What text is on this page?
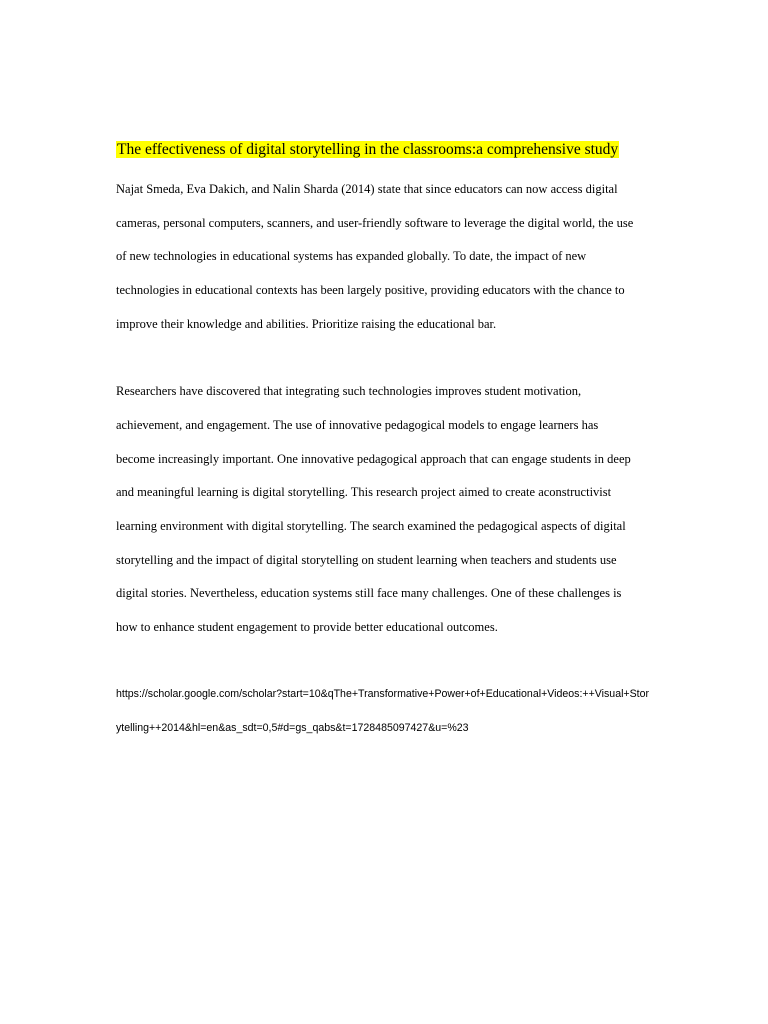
The effectiveness of digital storytelling in the classrooms:a comprehensive study

Najat Smeda, Eva Dakich, and Nalin Sharda (2014) state that since educators can now access digital

cameras, personal computers, scanners, and user-friendly software to leverage the digital world, the use

of new technologies in educational systems has expanded globally. To date, the impact of new

technologies in educational contexts has been largely positive, providing educators with the chance to

improve their knowledge and abilities. Prioritize raising the educational bar.

Researchers have discovered that integrating such technologies improves student motivation,

achievement, and engagement. The use of innovative pedagogical models to engage learners has

become increasingly important. One innovative pedagogical approach that can engage students in deep

and meaningful learning is digital storytelling. This research project aimed to create aconstructivist

learning environment with digital storytelling. The search examined the pedagogical aspects of digital

storytelling and the impact of digital storytelling on student learning when teachers and students use

digital stories. Nevertheless, education systems still face many challenges. One of these challenges is

how to enhance student engagement to provide better educational outcomes.

https://scholar.google.com/scholar?start=10&qThe+Transformative+Power+of+Educational+Videos:++Visual+Stor

ytelling++2014&hl=en&as_sdt=0,5#d=gs_qabs&t=1728485097427&u=%23
